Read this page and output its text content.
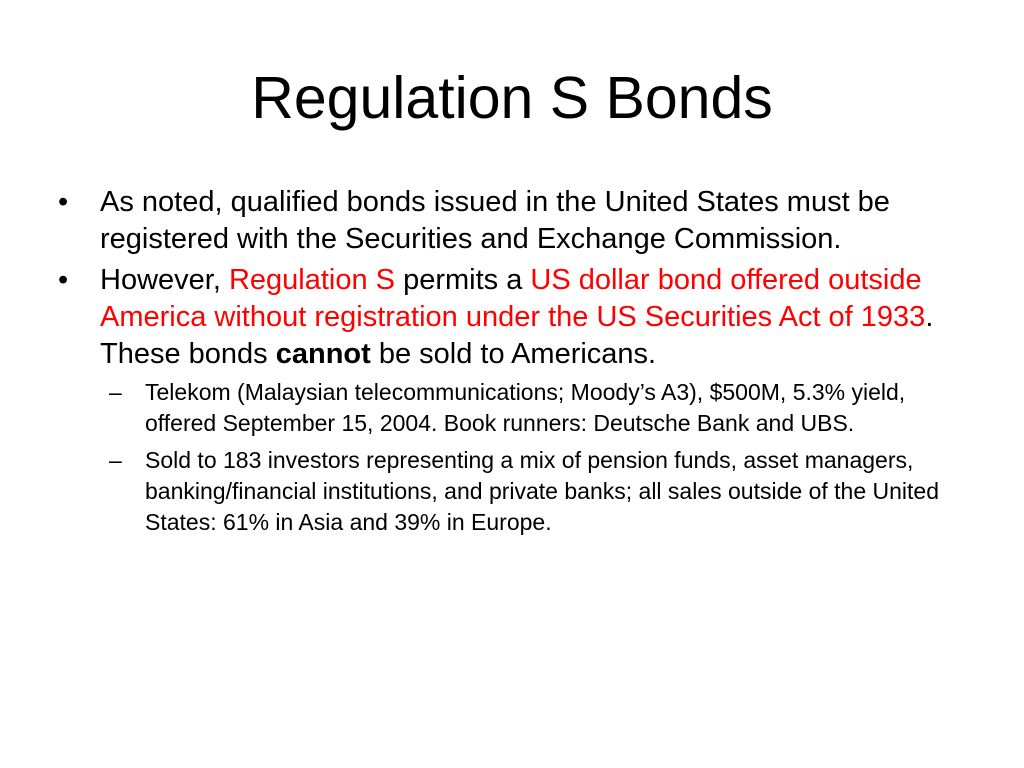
Regulation S Bonds
• As noted, qualified bonds issued in the United States must be registered with the Securities and Exchange Commission.
• However, Regulation S permits a US dollar bond offered outside America without registration under the US Securities Act of 1933. These bonds cannot be sold to Americans.
– Telekom (Malaysian telecommunications; Moody’s A3), $500M, 5.3% yield, offered September 15, 2004. Book runners: Deutsche Bank and UBS.
– Sold to 183 investors representing a mix of pension funds, asset managers, banking/financial institutions, and private banks; all sales outside of the United States: 61% in Asia and 39% in Europe.
